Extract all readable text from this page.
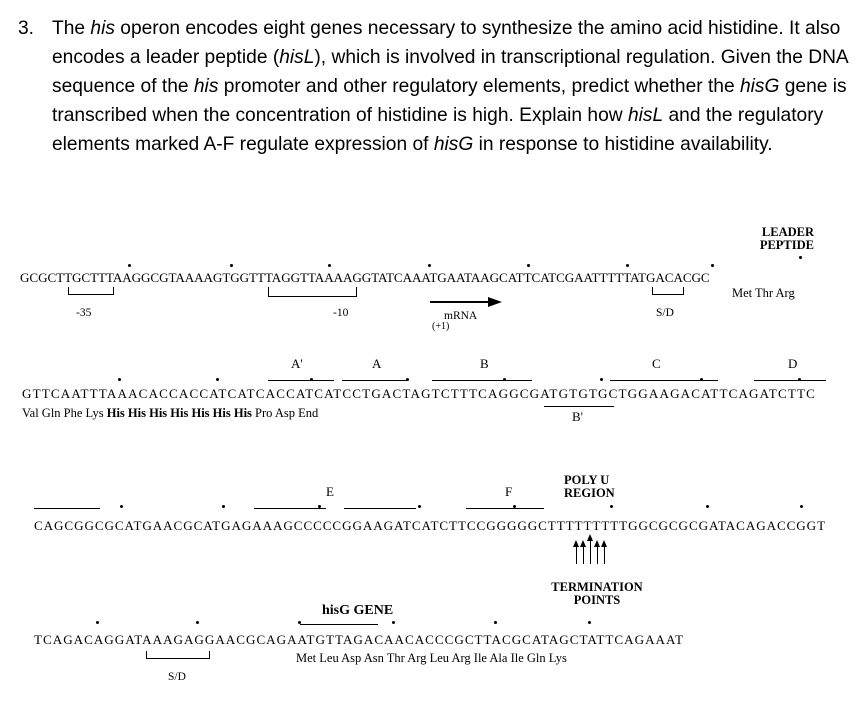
3. The his operon encodes eight genes necessary to synthesize the amino acid histidine. It also encodes a leader peptide (hisL), which is involved in transcriptional regulation. Given the DNA sequence of the his promoter and other regulatory elements, predict whether the hisG gene is transcribed when the concentration of histidine is high. Explain how hisL and the regulatory elements marked A-F regulate expression of hisG in response to histidine availability.
LEADER
PEPTIDE
GCGCTTGCTTTAAGGCGTAAAAGTGGTTTAGGTTAAAAGGTATCAAATGAATAAGCATTCATCGAATTTTTATGACACGC
Met Thr Arg
-35	-10	mRNA
(+1)
S/D
A'	A	B	C	D
GTTCAATTTAAACACCACCATCATCACCATCATCCTGACTAGTCTTTCAGGCGATGTGTGCTGGAAGACATTCAGATCTTC
Val Gln Phe Lys His His His His His His His Pro Asp End	B'
E	F
POLY U
REGION
CAGCGGCGCATGAACGCATGAGAAAGCCCCCGGAAGATCATCTTCCGGGGGCTTTTTTTTTGGCGCGCGATACAGACCGGT
TERMINATION
POINTS
hisG GENE
TCAGACAGGATAAAGAGGAACGCAGAATGTTAGACAACACCCGCTTACGCATAGCTATTCAGAAAT
Met Leu Asp Asn Thr Arg Leu Arg Ile Ala Ile Gln Lys
S/D
